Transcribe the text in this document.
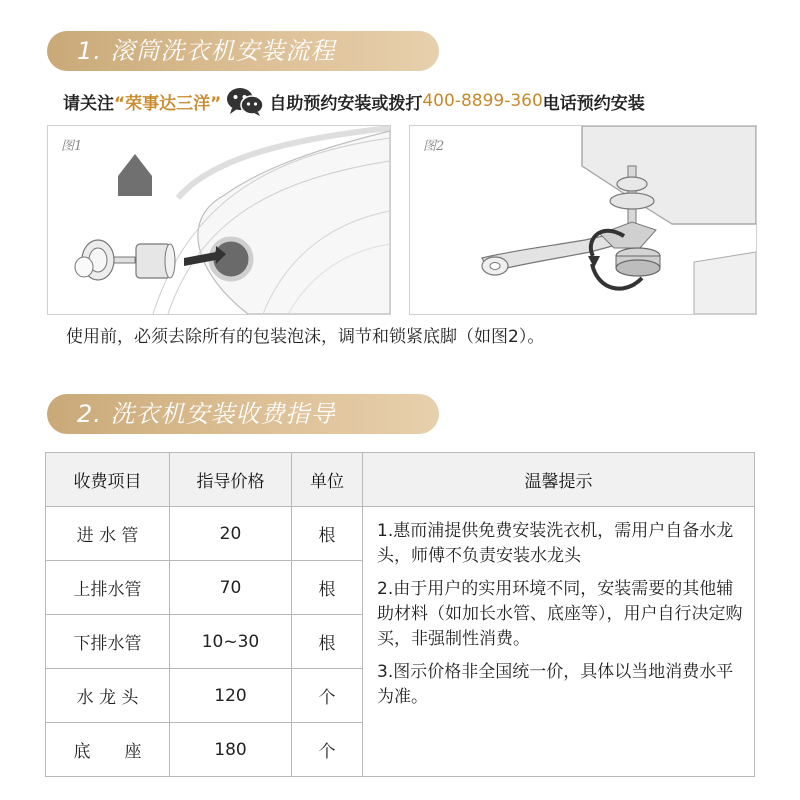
1. 滚筒洗衣机安装流程
请关注 “荣事达三洋”	自助预约安装或拨打 400-8899-360 电话预约安装
图1	图2
使用前，必须去除所有的包装泡沫，调节和锁紧底脚（如图2）。
2. 洗衣机安装收费指导
收费项目	指导价格	单位	温馨提示
进 水 管	20	根	1.惠而浦提供免费安装洗衣机，需用户自备水龙头，师傅不负责安装水龙头
2.由于用户的实用环境不同，安装需要的其他辅助材料（如加长水管、底座等），用户自行决定购买，非强制性消费。
3.图示价格非全国统一价，具体以当地消费水平为准。

上排水管	70	根	
下排水管	10~30	根	
水 龙 头	120	个	
底　　座	180	个	
